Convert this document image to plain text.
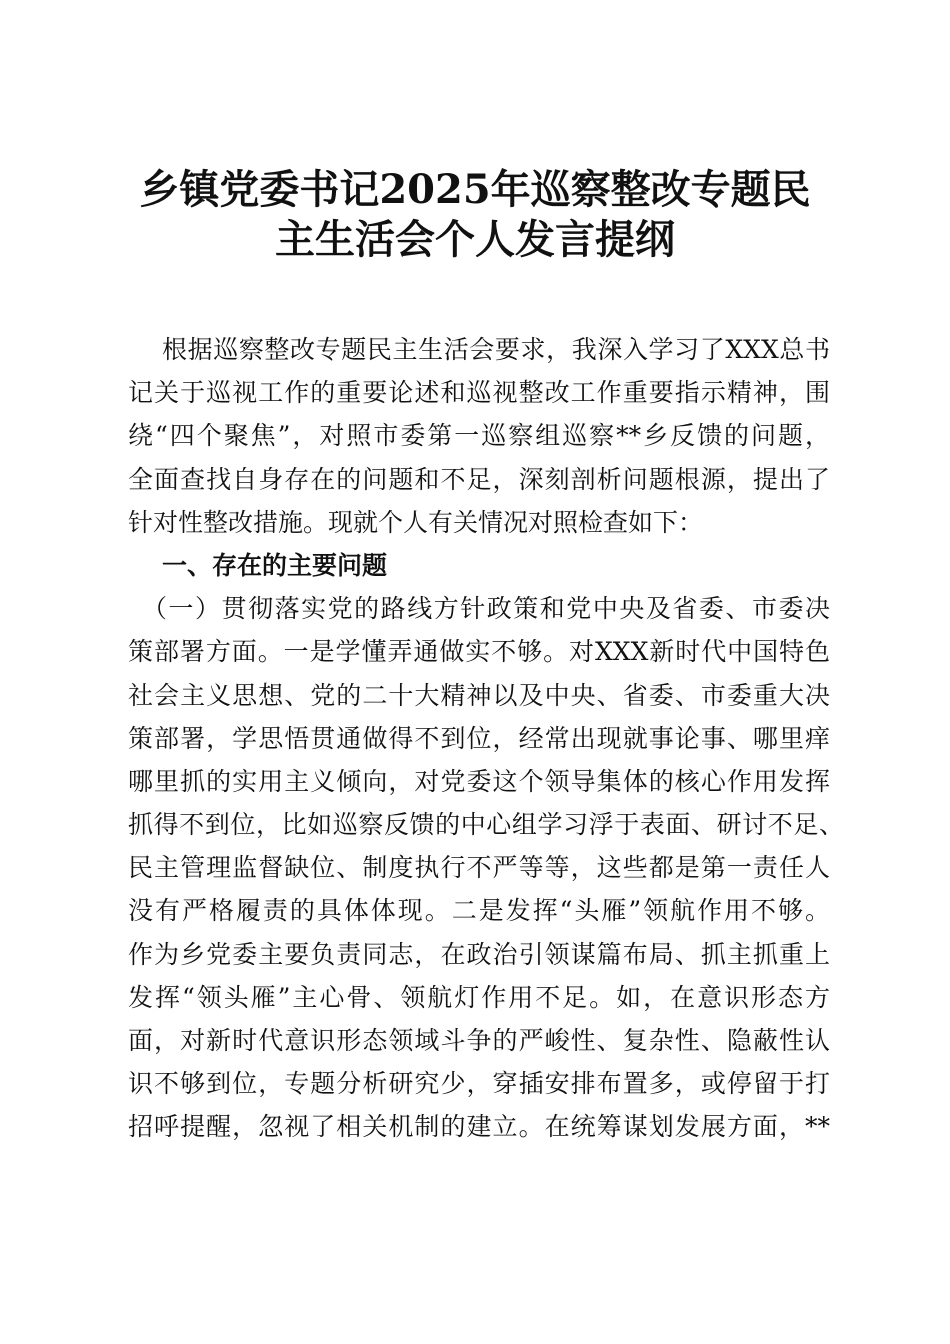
乡镇党委书记2025年巡察整改专题民
主生活会个人发言提纲
根据巡察整改专题民主生活会要求，我深入学习了XXX总书
记关于巡视工作的重要论述和巡视整改工作重要指示精神，围
绕“四个聚焦”，对照市委第一巡察组巡察**乡反馈的问题，
全面查找自身存在的问题和不足，深刻剖析问题根源，提出了
针对性整改措施。现就个人有关情况对照检查如下：
一、存在的主要问题
（一）贯彻落实党的路线方针政策和党中央及省委、市委决
策部署方面。一是学懂弄通做实不够。对XXX新时代中国特色
社会主义思想、党的二十大精神以及中央、省委、市委重大决
策部署，学思悟贯通做得不到位，经常出现就事论事、哪里痒
哪里抓的实用主义倾向，对党委这个领导集体的核心作用发挥
抓得不到位，比如巡察反馈的中心组学习浮于表面、研讨不足、
民主管理监督缺位、制度执行不严等等，这些都是第一责任人
没有严格履责的具体体现。二是发挥“头雁”领航作用不够。
作为乡党委主要负责同志，在政治引领谋篇布局、抓主抓重上
发挥“领头雁”主心骨、领航灯作用不足。如，在意识形态方
面，对新时代意识形态领域斗争的严峻性、复杂性、隐蔽性认
识不够到位，专题分析研究少，穿插安排布置多，或停留于打
招呼提醒，忽视了相关机制的建立。在统筹谋划发展方面，**
